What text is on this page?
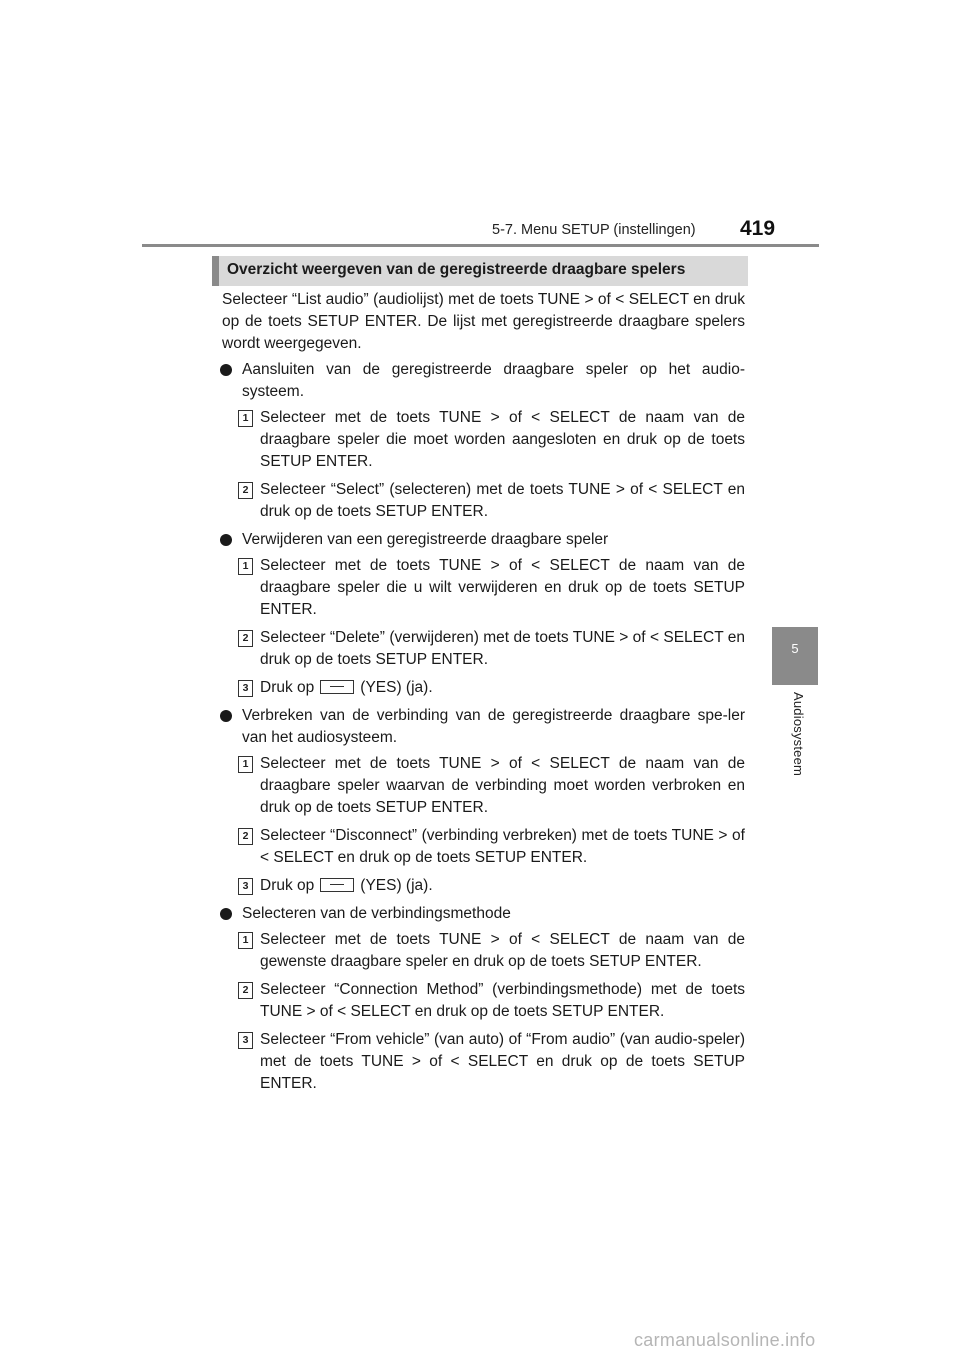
5-7. Menu SETUP (instellingen) 419
5
Audiosysteem
Overzicht weergeven van de geregistreerde draagbare spelers

Selecteer “List audio” (audiolijst) met de toets TUNE > of < SELECT en druk op de toets SETUP ENTER. De lijst met geregistreerde draagbare spelers wordt weergegeven.

Aansluiten van de geregistreerde draagbare speler op het audio-systeem.

1 Selecteer met de toets TUNE > of < SELECT de naam van de draagbare speler die moet worden aangesloten en druk op de toets SETUP ENTER.

2 Selecteer “Select” (selecteren) met de toets TUNE > of < SELECT en druk op de toets SETUP ENTER.

Verwijderen van een geregistreerde draagbare speler

1 Selecteer met de toets TUNE > of < SELECT de naam van de draagbare speler die u wilt verwijderen en druk op de toets SETUP ENTER.

2 Selecteer “Delete” (verwijderen) met de toets TUNE > of < SELECT en druk op de toets SETUP ENTER.

3 Druk op	(YES) (ja).

Verbreken van de verbinding van de geregistreerde draagbare spe-ler van het audiosysteem.

1 Selecteer met de toets TUNE > of < SELECT de naam van de draagbare speler waarvan de verbinding moet worden verbroken en druk op de toets SETUP ENTER.

2 Selecteer “Disconnect” (verbinding verbreken) met de toets TUNE > of < SELECT en druk op de toets SETUP ENTER.

3 Druk op	(YES) (ja).

Selecteren van de verbindingsmethode

1 Selecteer met de toets TUNE > of < SELECT de naam van de gewenste draagbare speler en druk op de toets SETUP ENTER.

2 Selecteer “Connection Method” (verbindingsmethode) met de toets TUNE > of < SELECT en druk op de toets SETUP ENTER.

3 Selecteer “From vehicle” (van auto) of “From audio” (van audio-speler) met de toets TUNE > of < SELECT en druk op de toets SETUP ENTER.

carmanualsonline.info
